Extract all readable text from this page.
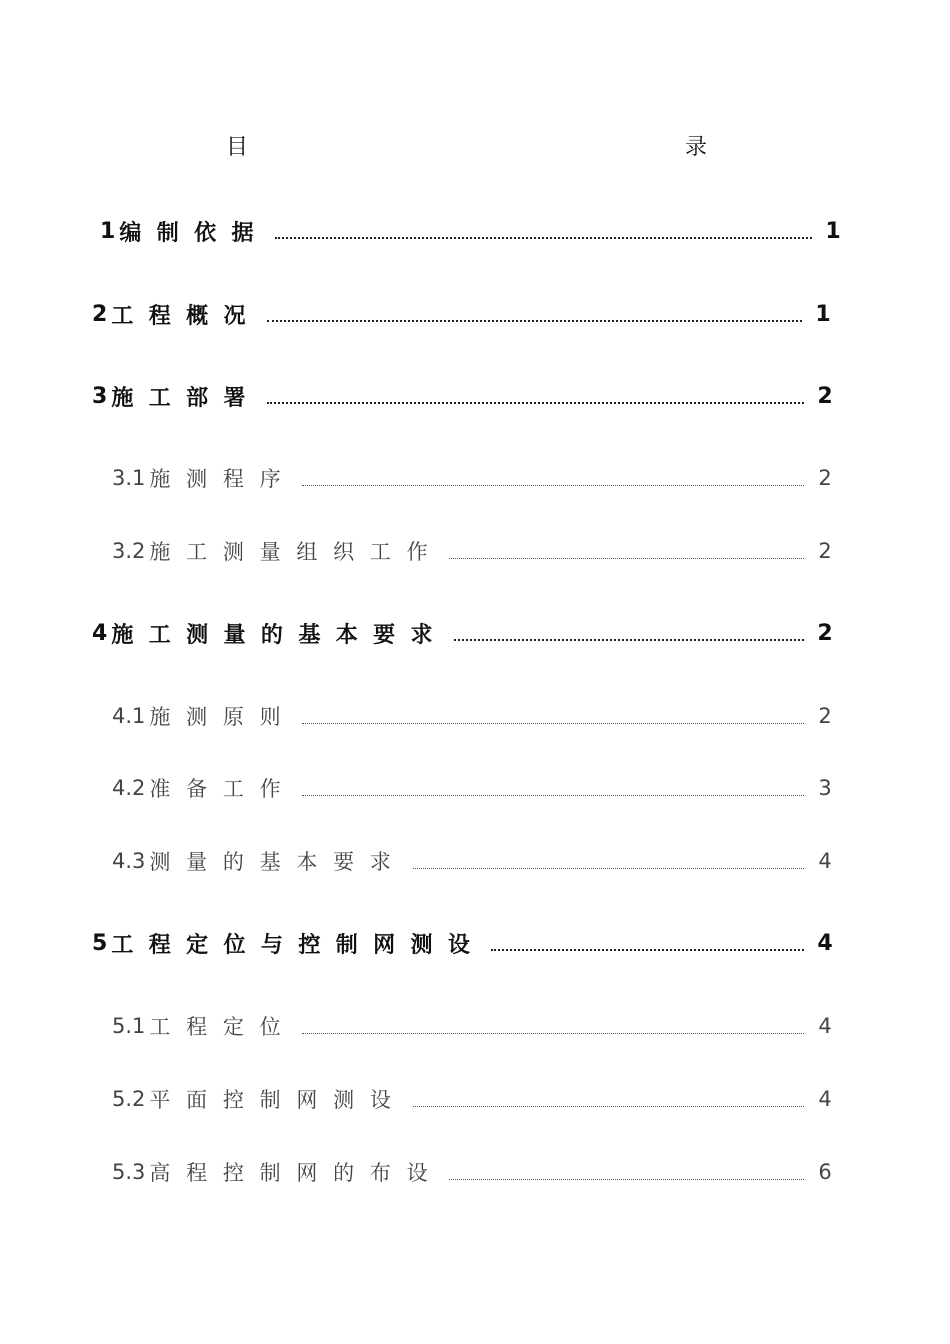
目	录
1 编制依据	1
2 工程概况	1
3 施工部署	2
3.1 施测程序	2
3.2 施工测量组织工作	2
4 施工测量的基本要求	2
4.1 施测原则	2
4.2 准备工作	3
4.3 测量的基本要求	4
5 工程定位与控制网测设	4
5.1 工程定位	4
5.2 平面控制网测设	4
5.3 高程控制网的布设	6
